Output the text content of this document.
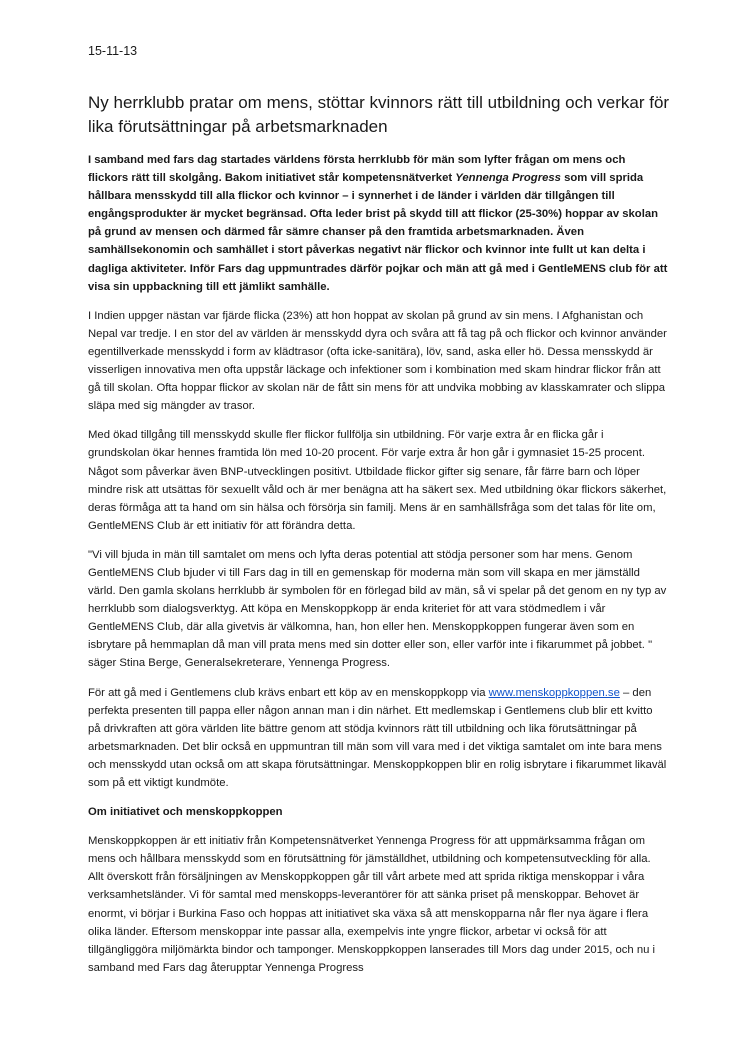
15-11-13
Ny herrklubb pratar om mens, stöttar kvinnors rätt till utbildning och verkar för lika förutsättningar på arbetsmarknaden

I samband med fars dag startades världens första herrklubb för män som lyfter frågan om mens och flickors rätt till skolgång. Bakom initiativet står kompetensnätverket Yennenga Progress som vill sprida hållbara mensskydd till alla flickor och kvinnor – i synnerhet i de länder i världen där tillgången till engångsprodukter är mycket begränsad. Ofta leder brist på skydd till att flickor (25-30%) hoppar av skolan på grund av mensen och därmed får sämre chanser på den framtida arbetsmarknaden. Även samhällsekonomin och samhället i stort påverkas negativt när flickor och kvinnor inte fullt ut kan delta i dagliga aktiviteter. Inför Fars dag uppmuntrades därför pojkar och män att gå med i GentleMENS club för att visa sin uppbackning till ett jämlikt samhälle.

I Indien uppger nästan var fjärde flicka (23%) att hon hoppat av skolan på grund av sin mens. I Afghanistan och Nepal var tredje. I en stor del av världen är mensskydd dyra och svåra att få tag på och flickor och kvinnor använder egentillverkade mensskydd i form av klädtrasor (ofta icke-sanitära), löv, sand, aska eller hö. Dessa mensskydd är visserligen innovativa men ofta uppstår läckage och infektioner som i kombination med skam hindrar flickor från att gå till skolan. Ofta hoppar flickor av skolan när de fått sin mens för att undvika mobbing av klasskamrater och slippa släpa med sig mängder av trasor.

Med ökad tillgång till mensskydd skulle fler flickor fullfölja sin utbildning. För varje extra år en flicka går i grundskolan ökar hennes framtida lön med 10-20 procent. För varje extra år hon går i gymnasiet 15-25 procent. Något som påverkar även BNP-utvecklingen positivt. Utbildade flickor gifter sig senare, får färre barn och löper mindre risk att utsättas för sexuellt våld och är mer benägna att ha säkert sex. Med utbildning ökar flickors säkerhet, deras förmåga att ta hand om sin hälsa och försörja sin familj. Mens är en samhällsfråga som det talas för lite om, GentleMENS Club är ett initiativ för att förändra detta.

"Vi vill bjuda in män till samtalet om mens och lyfta deras potential att stödja personer som har mens. Genom GentleMENS Club bjuder vi till Fars dag in till en gemenskap för moderna män som vill skapa en mer jämställd värld. Den gamla skolans herrklubb är symbolen för en förlegad bild av män, så vi spelar på det genom en ny typ av herrklubb som dialogsverktyg. Att köpa en Menskoppkopp är enda kriteriet för att vara stödmedlem i vår GentleMENS Club, där alla givetvis är välkomna, han, hon eller hen. Menskoppkoppen fungerar även som en isbrytare på hemmaplan då man vill prata mens med sin dotter eller son, eller varför inte i fikarummet på jobbet. " säger Stina Berge, Generalsekreterare, Yennenga Progress.

För att gå med i Gentlemens club krävs enbart ett köp av en menskoppkopp via www.menskoppkoppen.se – den perfekta presenten till pappa eller någon annan man i din närhet. Ett medlemskap i Gentlemens club blir ett kvitto på drivkraften att göra världen lite bättre genom att stödja kvinnors rätt till utbildning och lika förutsättningar på arbetsmarknaden. Det blir också en uppmuntran till män som vill vara med i det viktiga samtalet om inte bara mens och mensskydd utan också om att skapa förutsättningar. Menskoppkoppen blir en rolig isbrytare i fikarummet likaväl som på ett viktigt kundmöte.

Om initiativet och menskoppkoppen

Menskoppkoppen är ett initiativ från Kompetensnätverket Yennenga Progress för att uppmärksamma frågan om mens och hållbara mensskydd som en förutsättning för jämställdhet, utbildning och kompetensutveckling för alla. Allt överskott från försäljningen av Menskoppkoppen går till vårt arbete med att sprida riktiga menskoppar i våra verksamhetsländer. Vi för samtal med menskopps-leverantörer för att sänka priset på menskoppar. Behovet är enormt, vi börjar i Burkina Faso och hoppas att initiativet ska växa så att menskopparna når fler nya ägare i flera olika länder. Eftersom menskoppar inte passar alla, exempelvis inte yngre flickor, arbetar vi också för att tillgängliggöra miljömärkta bindor och tamponger. Menskoppkoppen lanserades till Mors dag under 2015, och nu i samband med Fars dag återupptar Yennenga Progress
